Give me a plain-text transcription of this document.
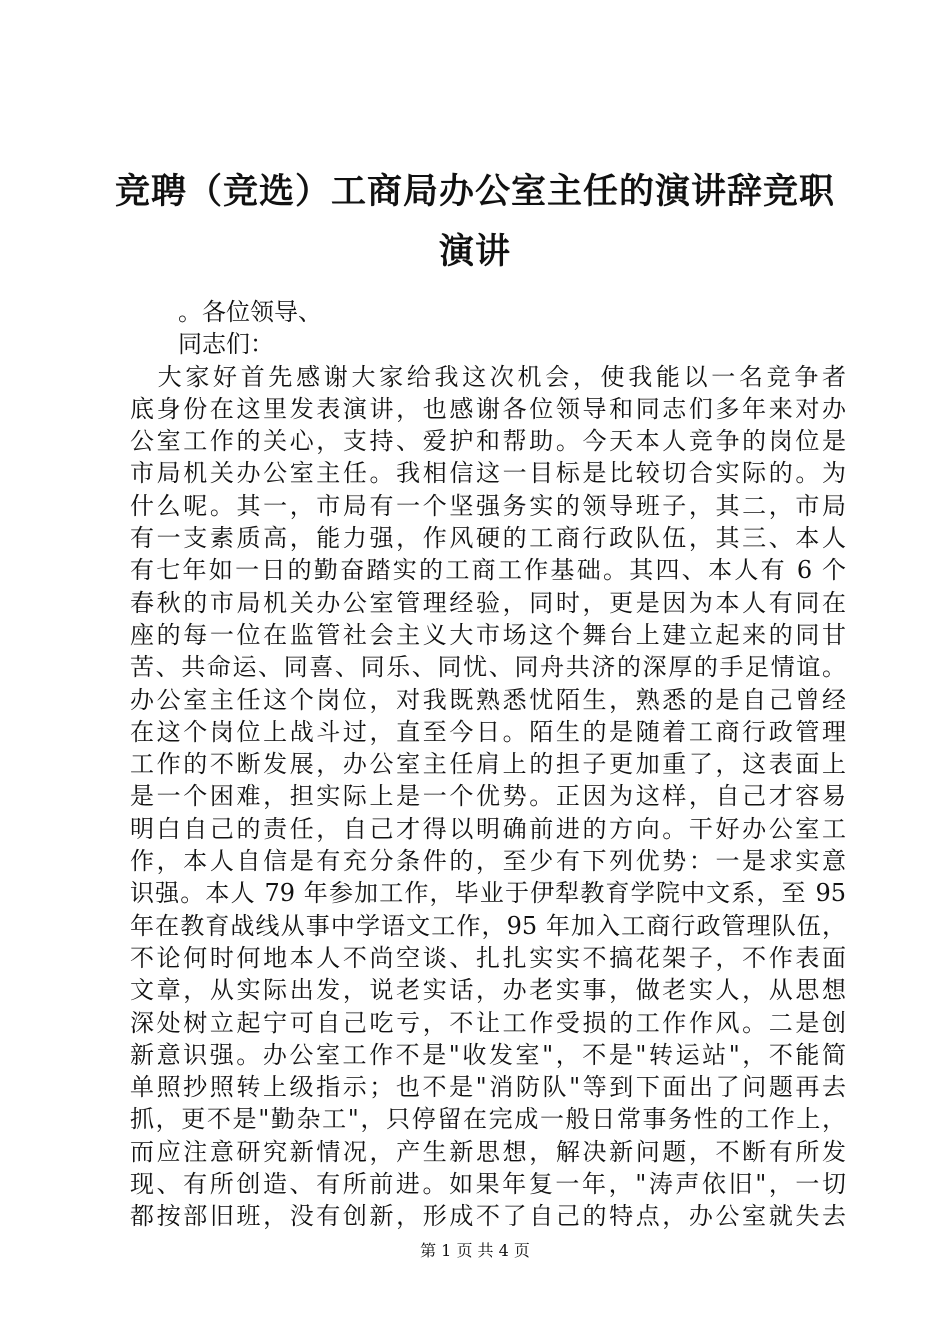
竞聘（竞选）工商局办公室主任的演讲辞竞职
演讲
。各位领导、
同志们：
　大家好首先感谢大家给我这次机会，使我能以一名竞争者
底身份在这里发表演讲，也感谢各位领导和同志们多年来对办
公室工作的关心，支持、爱护和帮助。今天本人竞争的岗位是
市局机关办公室主任。我相信这一目标是比较切合实际的。为
什么呢。其一，市局有一个坚强务实的领导班子，其二，市局
有一支素质高，能力强，作风硬的工商行政队伍，其三、本人
有七年如一日的勤奋踏实的工商工作基础。其四、本人有 6 个
春秋的市局机关办公室管理经验，同时，更是因为本人有同在
座的每一位在监管社会主义大市场这个舞台上建立起来的同甘
苦、共命运、同喜、同乐、同忧、同舟共济的深厚的手足情谊。
办公室主任这个岗位，对我既熟悉忧陌生，熟悉的是自己曾经
在这个岗位上战斗过，直至今日。陌生的是随着工商行政管理
工作的不断发展，办公室主任肩上的担子更加重了，这表面上
是一个困难，担实际上是一个优势。正因为这样，自己才容易
明白自己的责任，自己才得以明确前进的方向。干好办公室工
作，本人自信是有充分条件的，至少有下列优势：一是求实意
识强。本人 79 年参加工作，毕业于伊犁教育学院中文系，至 95
年在教育战线从事中学语文工作，95 年加入工商行政管理队伍，
不论何时何地本人不尚空谈、扎扎实实不搞花架子，不作表面
文章，从实际出发，说老实话，办老实事，做老实人，从思想
深处树立起宁可自己吃亏，不让工作受损的工作作风。二是创
新意识强。办公室工作不是"收发室"，不是"转运站"，不能简
单照抄照转上级指示；也不是"消防队"等到下面出了问题再去
抓，更不是"勤杂工"，只停留在完成一般日常事务性的工作上，
而应注意研究新情况，产生新思想，解决新问题，不断有所发
现、有所创造、有所前进。如果年复一年，"涛声依旧"，一切
都按部旧班，没有创新，形成不了自己的特点，办公室就失去
第 1 页 共 4 页
